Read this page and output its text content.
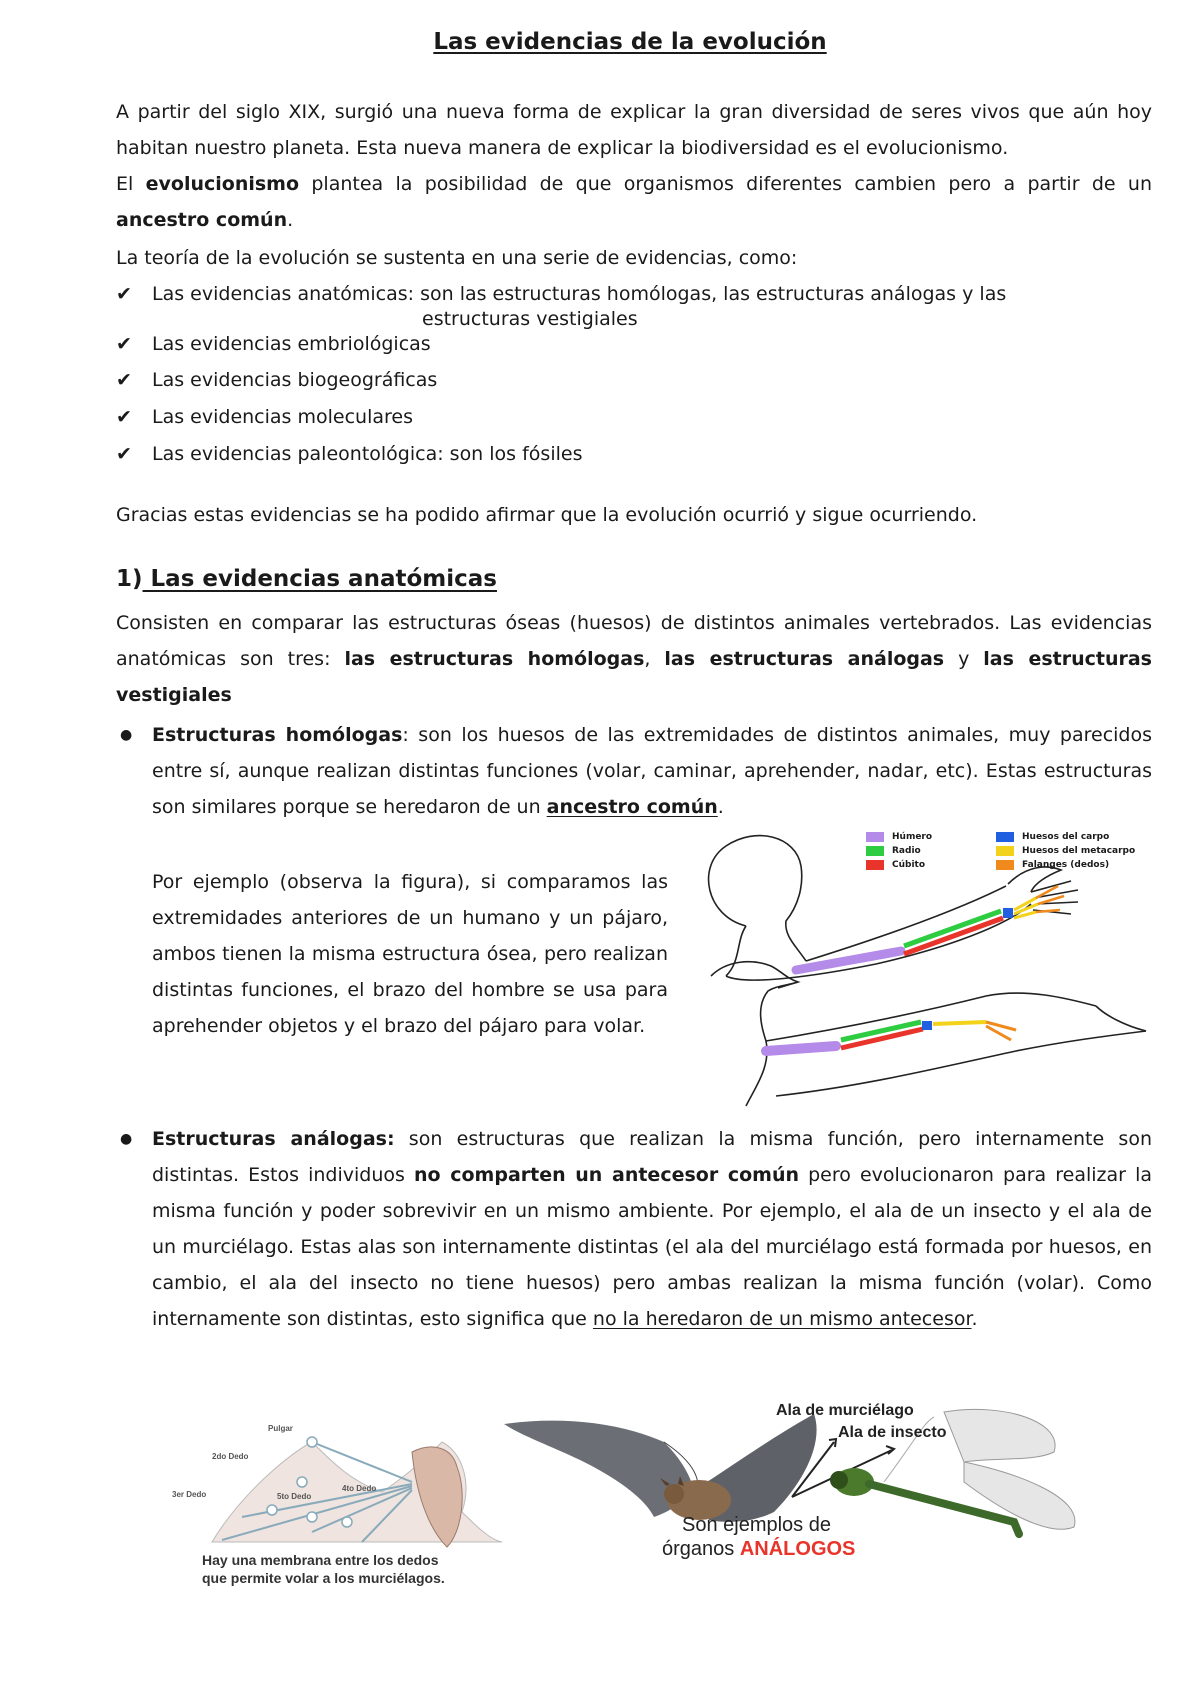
Las evidencias de la evolución
A partir del siglo XIX, surgió una nueva forma de explicar la gran diversidad de seres vivos que aún hoy habitan nuestro planeta. Esta nueva manera de explicar la biodiversidad es el evolucionismo.
El evolucionismo plantea la posibilidad de que organismos diferentes cambien pero a partir de un ancestro común.
La teoría de la evolución se sustenta en una serie de evidencias, como:
✔ Las evidencias anatómicas: son las estructuras homólogas, las estructuras análogas y las
estructuras vestigiales
✔ Las evidencias embriológicas
✔ Las evidencias biogeográficas
✔ Las evidencias moleculares
✔ Las evidencias paleontológica: son los fósiles
Gracias estas evidencias se ha podido afirmar que la evolución ocurrió y sigue ocurriendo.
1) Las evidencias anatómicas
Consisten en comparar las estructuras óseas (huesos) de distintos animales vertebrados. Las evidencias anatómicas son tres: las estructuras homólogas, las estructuras análogas y las estructuras vestigiales
● Estructuras homólogas: son los huesos de las extremidades de distintos animales, muy parecidos entre sí, aunque realizan distintas funciones (volar, caminar, aprehender, nadar, etc). Estas estructuras son similares porque se heredaron de un ancestro común.
Por ejemplo (observa la figura), si comparamos las extremidades anteriores de un humano y un pájaro, ambos tienen la misma estructura ósea, pero realizan distintas funciones, el brazo del hombre se usa para aprehender objetos y el brazo del pájaro para volar.
Húmero
Radio
Cúbito
Huesos del carpo
Huesos del metacarpo
Falanges (dedos)
● Estructuras análogas: son estructuras que realizan la misma función, pero internamente son distintas. Estos individuos no comparten un antecesor común pero evolucionaron para realizar la misma función y poder sobrevivir en un mismo ambiente. Por ejemplo, el ala de un insecto y el ala de un murciélago. Estas alas son internamente distintas (el ala del murciélago está formada por huesos, en cambio, el ala del insecto no tiene huesos) pero ambas realizan la misma función (volar). Como internamente son distintas, esto significa que no la heredaron de un mismo antecesor.
Pulgar
2do Dedo
3er Dedo
4to Dedo
5to Dedo
Hay una membrana entre los dedos
que permite volar a los murciélagos.
Ala de murciélago
Ala de insecto
Son ejemplos de
órganos ANÁLOGOS
